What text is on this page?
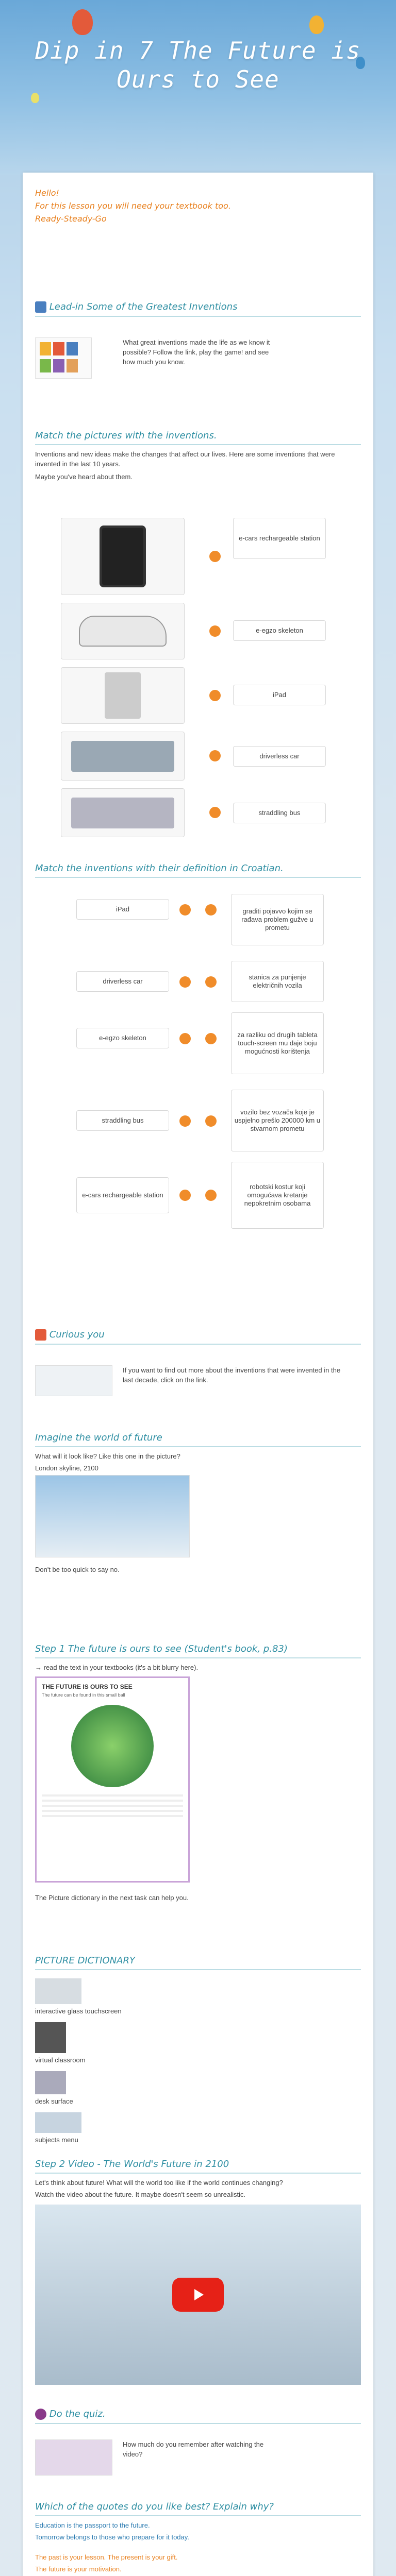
Dip in 7 The Future is Ours to See
Hello!
For this lesson you will need your textbook too.
Ready-Steady-Go
Lead-in Some of the Greatest Inventions
What great inventions made the life as we know it possible? Follow the link, play the game! and see how much you know.
Match the pictures with the inventions.
Inventions and new ideas make the changes that affect our lives. Here are some inventions that were invented in the last 10 years.
Maybe you've heard about them.
e-cars rechargeable station
e-egzo skeleton
iPad
driverless car
straddling bus
Match the inventions with their definition in Croatian.
iPad	graditi pojavvo kojim se rađava problem gužve u prometu
driverless car
stanica za punjenje električnih vozila
e-egzo skeleton	za razliku od drugih tableta touch-screen mu daje boju mogućnosti korištenja
straddling bus
vozilo bez vozača koje je uspjelno prešlo 200000 km u stvarnom prometu
e-cars rechargeable station
robotski kostur koji omogućava kretanje nepokretnim osobama
Curious you
If you want to find out more about the inventions that were invented in the last decade, click on the link.
Imagine the world of future
What will it look like? Like this one in the picture?
London skyline, 2100
Don't be too quick to say no.
Step 1 The future is ours to see (Student's book, p.83)
→ read the text in your textbooks (it's a bit blurry here).
THE FUTURE IS OURS TO SEE
The future can be found in this small ball
The Picture dictionary in the next task can help you.
PICTURE DICTIONARY
interactive glass touchscreen
virtual classroom
desk surface
subjects menu
Step 2 Video - The World's Future in 2100
Let's think about future! What will the world too like if the world continues changing?
Watch the video about the future. It maybe doesn't seem so unrealistic.
Do the quiz.
How much do you remember after watching the video?
Which of the quotes do you like best? Explain why?
Education is the passport to the future.
Tomorrow belongs to those who prepare for it today.
The past is your lesson. The present is your gift.
The future is your motivation.
